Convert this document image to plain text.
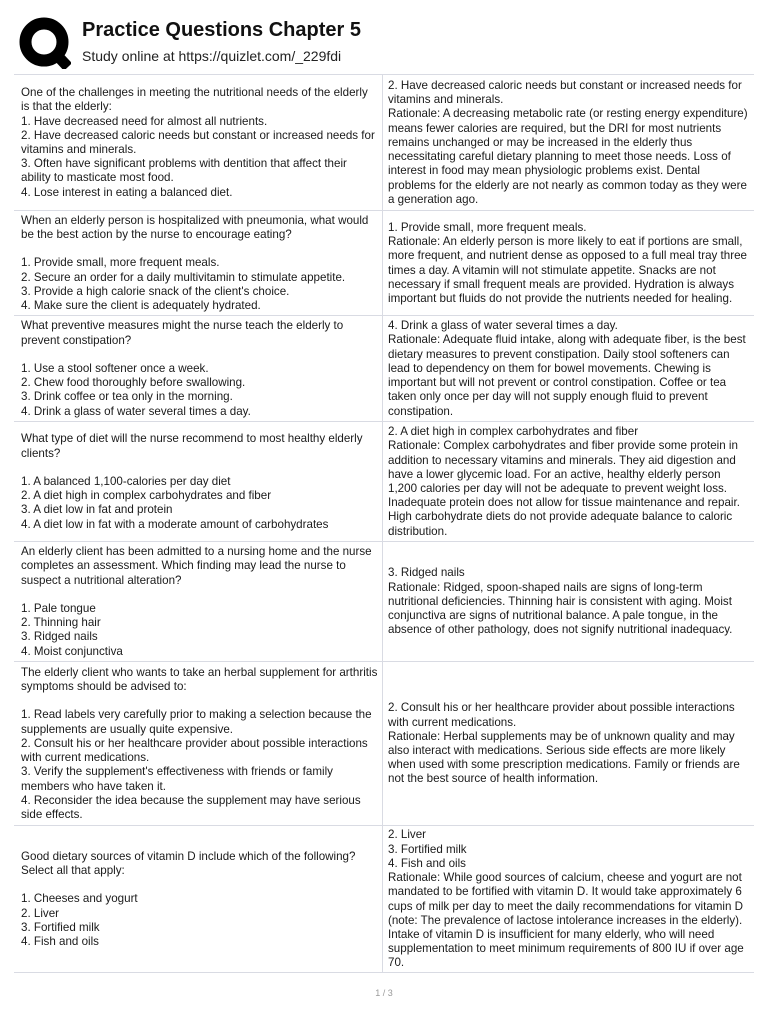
Practice Questions Chapter 5
Study online at https://quizlet.com/_229fdi
One of the challenges in meeting the nutritional needs of the elderly is that the elderly:
1. Have decreased need for almost all nutrients.
2. Have decreased caloric needs but constant or increased needs for vitamins and minerals.
3. Often have significant problems with dentition that affect their ability to masticate most food.
4. Lose interest in eating a balanced diet.
2. Have decreased caloric needs but constant or increased needs for vitamins and minerals.
Rationale: A decreasing metabolic rate (or resting energy expenditure) means fewer calories are required, but the DRI for most nutrients remains unchanged or may be increased in the elderly thus necessitating careful dietary planning to meet those needs. Loss of interest in food may mean physiologic problems exist. Dental problems for the elderly are not nearly as common today as they were a generation ago.
When an elderly person is hospitalized with pneumonia, what would be the best action by the nurse to encourage eating?
1. Provide small, more frequent meals.
2. Secure an order for a daily multivitamin to stimulate appetite.
3. Provide a high calorie snack of the client's choice.
4. Make sure the client is adequately hydrated.
1. Provide small, more frequent meals.
Rationale: An elderly person is more likely to eat if portions are small, more frequent, and nutrient dense as opposed to a full meal tray three times a day. A vitamin will not stimulate appetite. Snacks are not necessary if small frequent meals are provided. Hydration is always important but fluids do not provide the nutrients needed for healing.
What preventive measures might the nurse teach the elderly to prevent constipation?
1. Use a stool softener once a week.
2. Chew food thoroughly before swallowing.
3. Drink coffee or tea only in the morning.
4. Drink a glass of water several times a day.
4. Drink a glass of water several times a day.
Rationale: Adequate fluid intake, along with adequate fiber, is the best dietary measures to prevent constipation. Daily stool softeners can lead to dependency on them for bowel movements. Chewing is important but will not prevent or control constipation. Coffee or tea taken only once per day will not supply enough fluid to prevent constipation.
What type of diet will the nurse recommend to most healthy elderly clients?
1. A balanced 1,100-calories per day diet
2. A diet high in complex carbohydrates and fiber
3. A diet low in fat and protein
4. A diet low in fat with a moderate amount of carbohydrates
2. A diet high in complex carbohydrates and fiber
Rationale: Complex carbohydrates and fiber provide some protein in addition to necessary vitamins and minerals. They aid digestion and have a lower glycemic load. For an active, healthy elderly person 1,200 calories per day will not be adequate to prevent weight loss. Inadequate protein does not allow for tissue maintenance and repair. High carbohydrate diets do not provide adequate balance to caloric distribution.
An elderly client has been admitted to a nursing home and the nurse completes an assessment. Which finding may lead the nurse to suspect a nutritional alteration?
1. Pale tongue
2. Thinning hair
3. Ridged nails
4. Moist conjunctiva
3. Ridged nails
Rationale: Ridged, spoon-shaped nails are signs of long-term nutritional deficiencies. Thinning hair is consistent with aging. Moist conjunctiva are signs of nutritional balance. A pale tongue, in the absence of other pathology, does not signify nutritional inadequacy.
The elderly client who wants to take an herbal supplement for arthritis symptoms should be advised to:
1. Read labels very carefully prior to making a selection because the supplements are usually quite expensive.
2. Consult his or her healthcare provider about possible interactions with current medications.
3. Verify the supplement's effectiveness with friends or family members who have taken it.
4. Reconsider the idea because the supplement may have serious side effects.
2. Consult his or her healthcare provider about possible interactions with current medications.
Rationale: Herbal supplements may be of unknown quality and may also interact with medications. Serious side effects are more likely when used with some prescription medications. Family or friends are not the best source of health information.
Good dietary sources of vitamin D include which of the following? Select all that apply:
1. Cheeses and yogurt
2. Liver
3. Fortified milk
4. Fish and oils
2. Liver
3. Fortified milk
4. Fish and oils
Rationale: While good sources of calcium, cheese and yogurt are not mandated to be fortified with vitamin D. It would take approximately 6 cups of milk per day to meet the daily recommendations for vitamin D (note: The prevalence of lactose intolerance increases in the elderly). Intake of vitamin D is insufficient for many elderly, who will need supplementation to meet minimum requirements of 800 IU if over age 70.
1 / 3
